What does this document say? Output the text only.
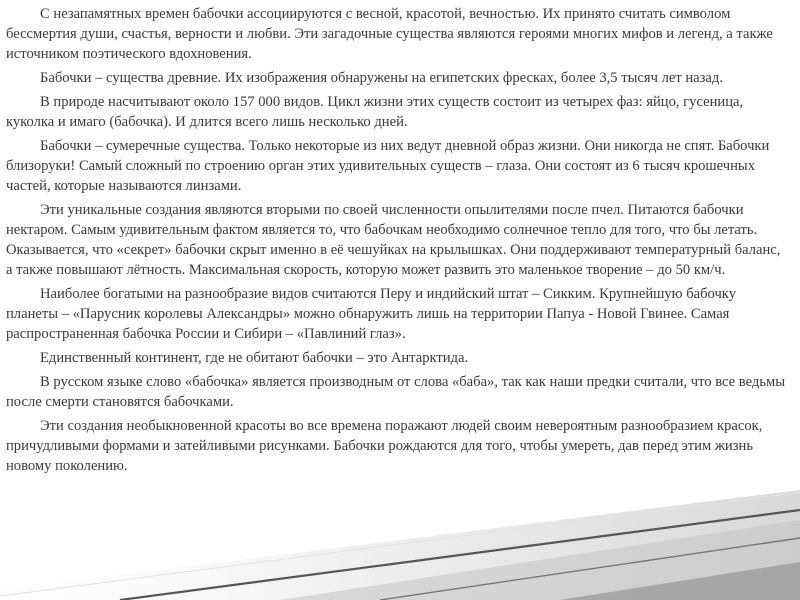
С незапамятных времен бабочки ассоциируются с весной, красотой, вечностью. Их принято считать символом бессмертия души, счастья, верности и любви. Эти загадочные существа являются героями многих мифов и легенд, а также источником поэтического вдохновения.

Бабочки – существа древние. Их изображения обнаружены на египетских фресках, более 3,5 тысяч лет назад.

В природе насчитывают около 157 000 видов. Цикл жизни этих существ состоит из четырех фаз: яйцо, гусеница, куколка и имаго (бабочка). И длится всего лишь несколько дней.

Бабочки – сумеречные существа. Только некоторые из них ведут дневной образ жизни. Они никогда не спят. Бабочки близоруки! Самый сложный по строению орган этих удивительных существ – глаза. Они состоят из 6 тысяч крошечных частей, которые называются линзами.

Эти уникальные создания являются вторыми по своей численности опылителями после пчел. Питаются бабочки нектаром. Самым удивительным фактом является то, что бабочкам необходимо солнечное тепло для того, что бы летать. Оказывается, что «секрет» бабочки скрыт именно в её чешуйках на крылышках. Они поддерживают температурный баланс, а также повышают лётность. Максимальная скорость, которую может развить это маленькое творение – до 50 км/ч.

Наиболее богатыми на разнообразие видов считаются Перу и индийский штат – Сикким. Крупнейшую бабочку планеты – «Парусник королевы Александры» можно обнаружить лишь на территории Папуа - Новой Гвинее. Самая распространенная бабочка России и Сибири – «Павлиний глаз».

Единственный континент, где не обитают бабочки – это Антарктида.

В русском языке слово «бабочка» является производным от слова «баба», так как наши предки считали, что все ведьмы после смерти становятся бабочками.

Эти создания необыкновенной красоты во все времена поражают людей своим невероятным разнообразием красок, причудливыми формами и затейливыми рисунками. Бабочки рождаются для того, чтобы умереть, дав перед этим жизнь новому поколению.
